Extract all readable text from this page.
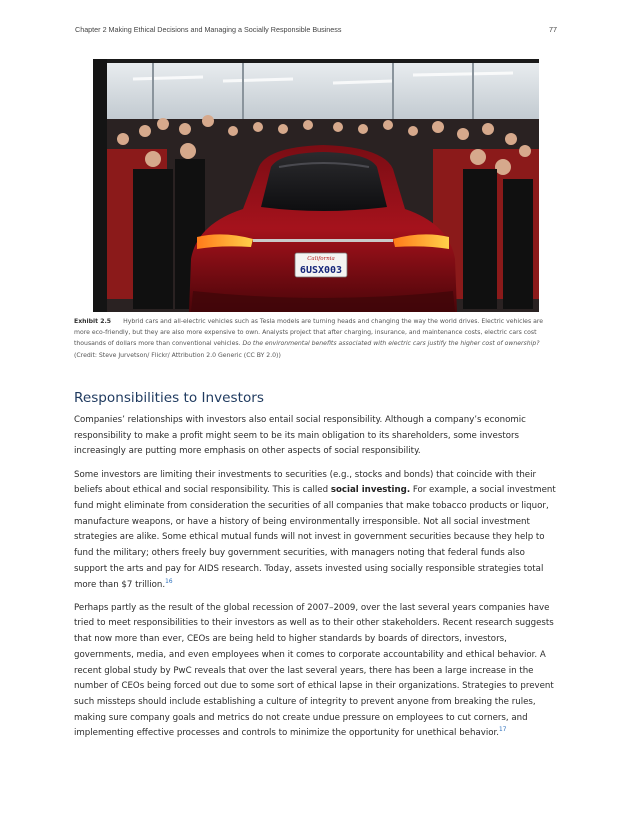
Chapter 2 Making Ethical Decisions and Managing a Socially Responsible Business	77
California
6USX003
Exhibit 2.5 Hybrid cars and all-electric vehicles such as Tesla models are turning heads and changing the way the world drives. Electric vehicles are more eco-friendly, but they are also more expensive to own. Analysts project that after charging, insurance, and maintenance costs, electric cars cost thousands of dollars more than conventional vehicles. Do the environmental benefits associated with electric cars justify the higher cost of ownership? (Credit: Steve Jurvetson/ Flickr/ Attribution 2.0 Generic (CC BY 2.0))
Responsibilities to Investors

Companies’ relationships with investors also entail social responsibility. Although a company’s economic responsibility to make a profit might seem to be its main obligation to its shareholders, some investors increasingly are putting more emphasis on other aspects of social responsibility.

Some investors are limiting their investments to securities (e.g., stocks and bonds) that coincide with their beliefs about ethical and social responsibility. This is called social investing. For example, a social investment fund might eliminate from consideration the securities of all companies that make tobacco products or liquor, manufacture weapons, or have a history of being environmentally irresponsible. Not all social investment strategies are alike. Some ethical mutual funds will not invest in government securities because they help to fund the military; others freely buy government securities, with managers noting that federal funds also support the arts and pay for AIDS research. Today, assets invested using socially responsible strategies total more than $7 trillion.$^{16}$

Perhaps partly as the result of the global recession of 2007–2009, over the last several years companies have tried to meet responsibilities to their investors as well as to their other stakeholders. Recent research suggests that now more than ever, CEOs are being held to higher standards by boards of directors, investors, governments, media, and even employees when it comes to corporate accountability and ethical behavior. A recent global study by PwC reveals that over the last several years, there has been a large increase in the number of CEOs being forced out due to some sort of ethical lapse in their organizations. Strategies to prevent such missteps should include establishing a culture of integrity to prevent anyone from breaking the rules, making sure company goals and metrics do not create undue pressure on employees to cut corners, and implementing effective processes and controls to minimize the opportunity for unethical behavior.$^{17}$
